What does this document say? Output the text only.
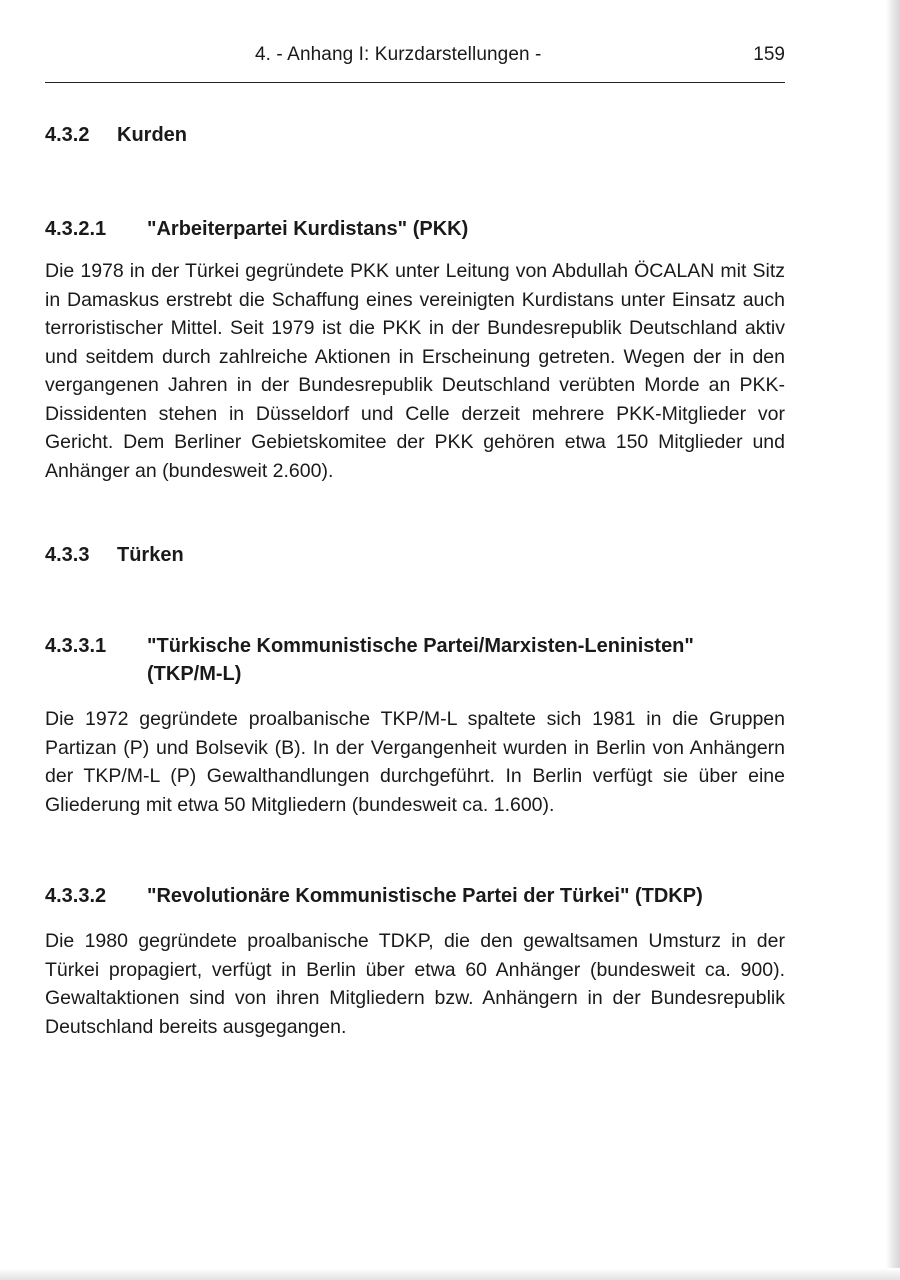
4. - Anhang I: Kurzdarstellungen -	159
4.3.2 Kurden
4.3.2.1 "Arbeiterpartei Kurdistans" (PKK)

Die 1978 in der Türkei gegründete PKK unter Leitung von Abdullah ÖCALAN mit Sitz in Damaskus erstrebt die Schaffung eines vereinigten Kurdistans unter Einsatz auch terroristischer Mittel. Seit 1979 ist die PKK in der Bundesrepublik Deutschland aktiv und seitdem durch zahlreiche Aktionen in Erscheinung getreten. Wegen der in den vergangenen Jahren in der Bundesrepublik Deutschland verübten Morde an PKK-Dissidenten stehen in Düsseldorf und Celle derzeit mehrere PKK-Mitglieder vor Gericht. Dem Berliner Gebietskomitee der PKK gehören etwa 150 Mitglieder und Anhänger an (bundesweit 2.600).

4.3.3 Türken
4.3.3.1 "Türkische Kommunistische Partei/Marxisten-Leninisten"
(TKP/M-L)

Die 1972 gegründete proalbanische TKP/M-L spaltete sich 1981 in die Gruppen Partizan (P) und Bolsevik (B). In der Vergangenheit wurden in Berlin von Anhängern der TKP/M-L (P) Gewalthandlungen durchgeführt. In Berlin verfügt sie über eine Gliederung mit etwa 50 Mitgliedern (bundesweit ca. 1.600).

4.3.3.2 "Revolutionäre Kommunistische Partei der Türkei" (TDKP)

Die 1980 gegründete proalbanische TDKP, die den gewaltsamen Umsturz in der Türkei propagiert, verfügt in Berlin über etwa 60 Anhänger (bundesweit ca. 900). Gewaltaktionen sind von ihren Mitgliedern bzw. Anhängern in der Bundesrepublik Deutschland bereits ausgegangen.
